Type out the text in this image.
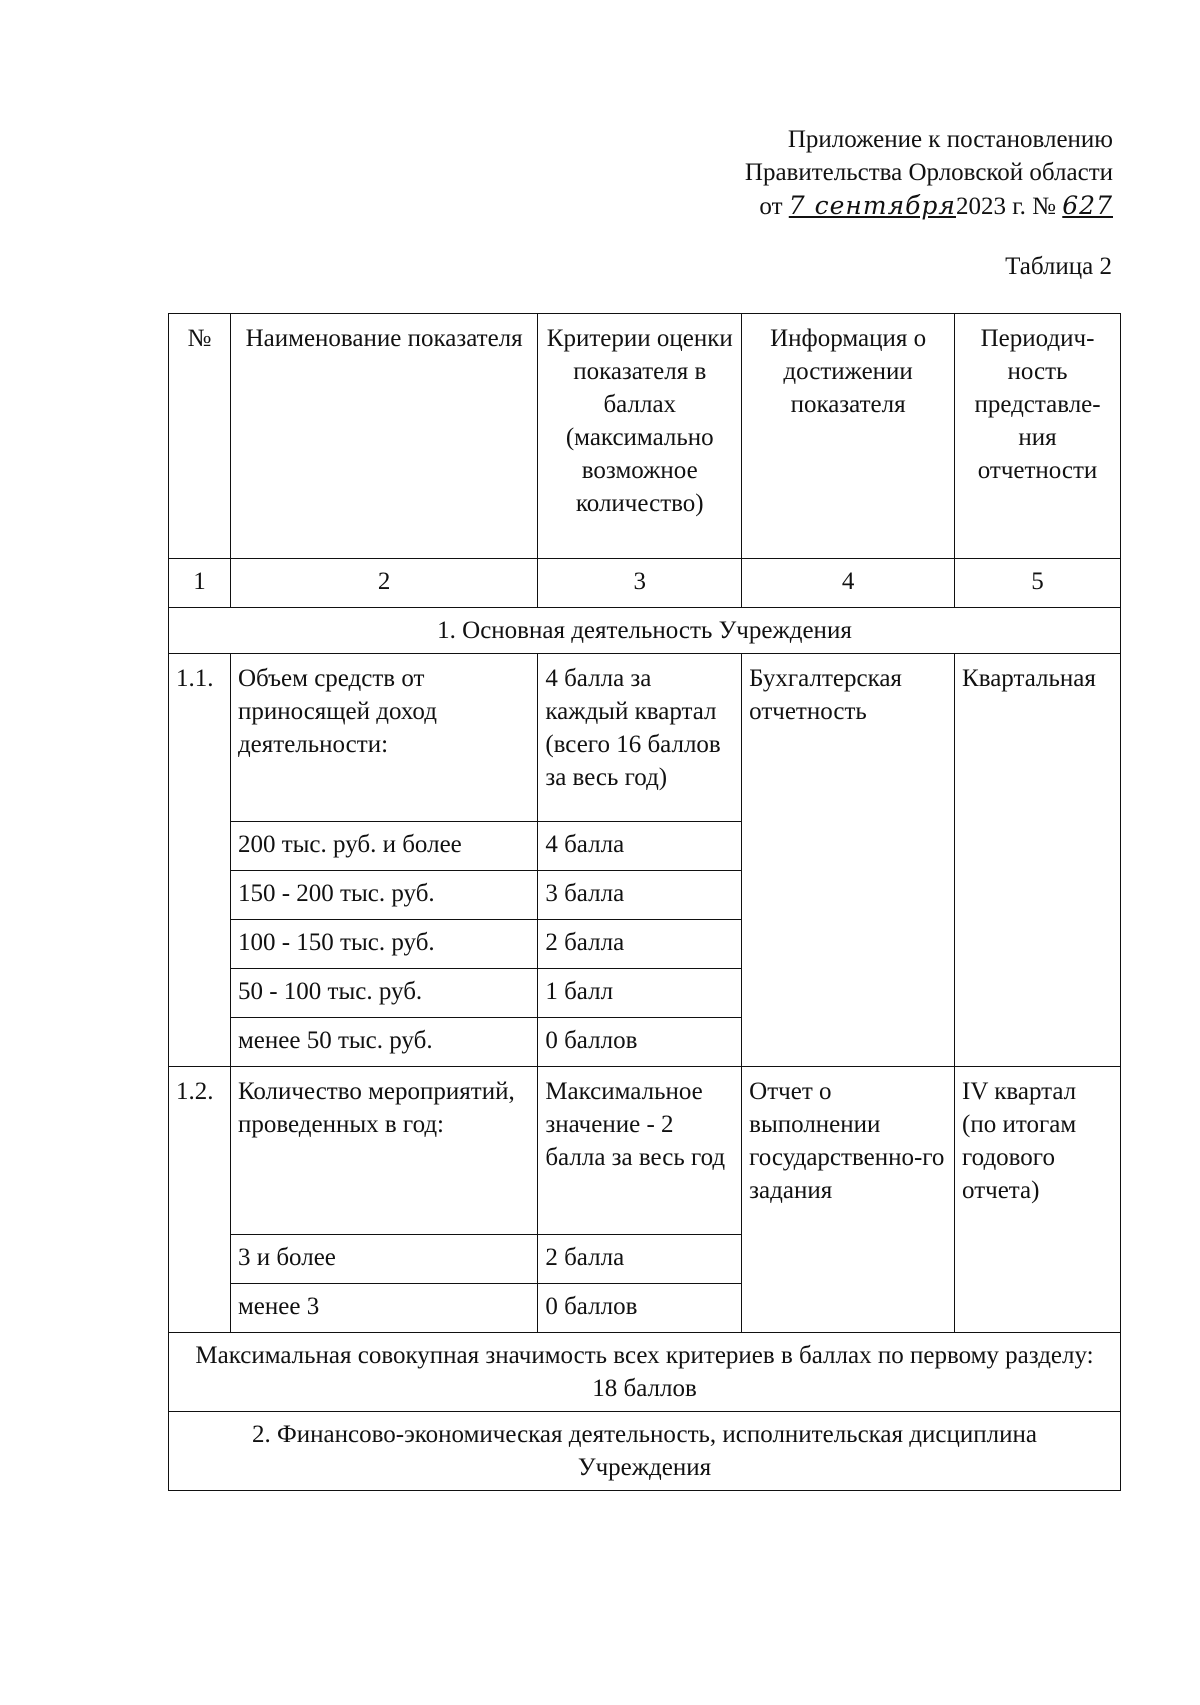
Приложение к постановлению
Правительства Орловской области
от 7 сентября2023 г. № 627
Таблица 2
№	Наименование показателя	Критерии оценки показателя в баллах (максимально возможное количество)	Информация о достижении показателя	Периодич-ность представле-ния отчетности
1	2	3	4	5
1. Основная деятельность Учреждения				
1.1.	Объем средств от приносящей доход деятельности:	4 балла за каждый квартал (всего 16 баллов за весь год)	Бухгалтерская отчетность	Квартальная
	200 тыс. руб. и более	4 балла		
	150 - 200 тыс. руб.	3 балла		
	100 - 150 тыс. руб.	2 балла		
	50 - 100 тыс. руб.	1 балл		
	менее 50 тыс. руб.	0 баллов		
1.2.	Количество мероприятий, проведенных в год:	Максимальное значение - 2 балла за весь год	Отчет о выполнении государственно-го задания	IV квартал (по итогам годового отчета)
	3 и более	2 балла		
	менее 3	0 баллов		
Максимальная совокупная значимость всех критериев в баллах по первому разделу: 18 баллов				
2. Финансово-экономическая деятельность, исполнительская дисциплина Учреждения				
